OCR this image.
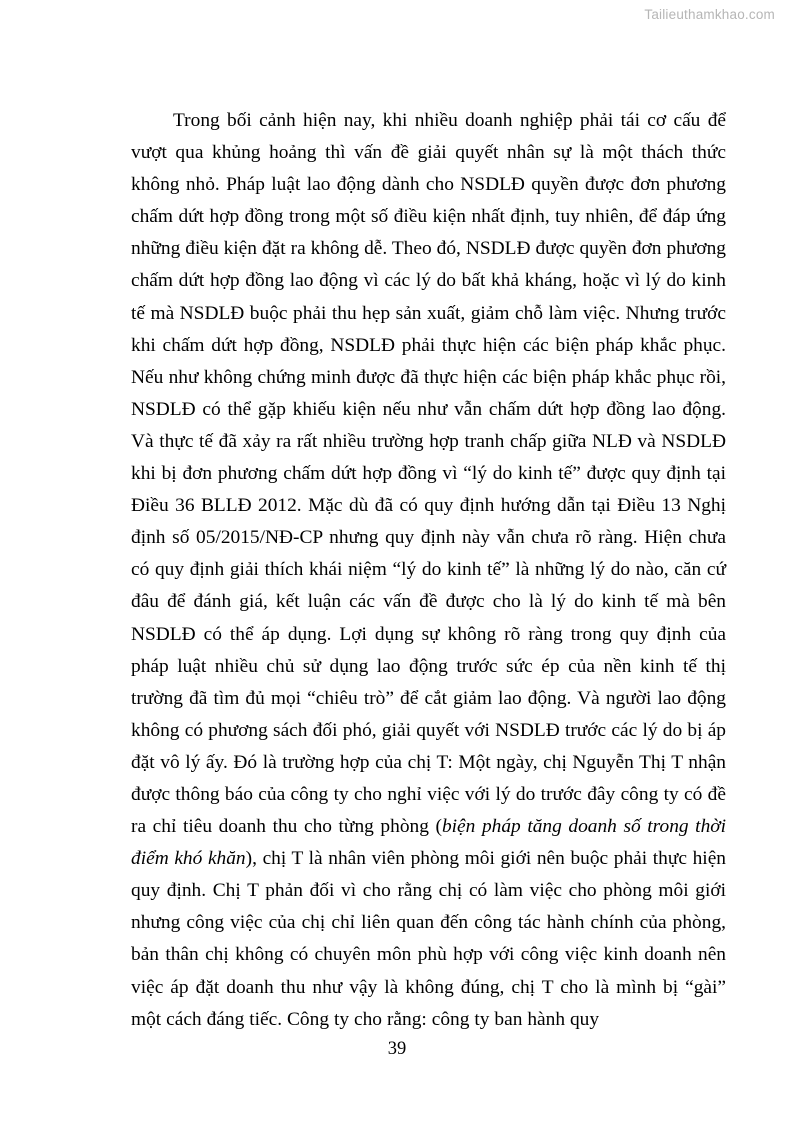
Tailieuthamkhao.com

Trong bối cảnh hiện nay, khi nhiều doanh nghiệp phải tái cơ cấu để vượt qua khủng hoảng thì vấn đề giải quyết nhân sự là một thách thức không nhỏ. Pháp luật lao động dành cho NSDLĐ quyền được đơn phương chấm dứt hợp đồng trong một số điều kiện nhất định, tuy nhiên, để đáp ứng những điều kiện đặt ra không dễ. Theo đó, NSDLĐ được quyền đơn phương chấm dứt hợp đồng lao động vì các lý do bất khả kháng, hoặc vì lý do kinh tế mà NSDLĐ buộc phải thu hẹp sản xuất, giảm chỗ làm việc. Nhưng trước khi chấm dứt hợp đồng, NSDLĐ phải thực hiện các biện pháp khắc phục. Nếu như không chứng minh được đã thực hiện các biện pháp khắc phục rồi, NSDLĐ có thể gặp khiếu kiện nếu như vẫn chấm dứt hợp đồng lao động. Và thực tế đã xảy ra rất nhiều trường hợp tranh chấp giữa NLĐ và NSDLĐ khi bị đơn phương chấm dứt hợp đồng vì “lý do kinh tế” được quy định tại Điều 36 BLLĐ 2012. Mặc dù đã có quy định hướng dẫn tại Điều 13 Nghị định số 05/2015/NĐ-CP nhưng quy định này vẫn chưa rõ ràng. Hiện chưa có quy định giải thích khái niệm “lý do kinh tế” là những lý do nào, căn cứ đâu để đánh giá, kết luận các vấn đề được cho là lý do kinh tế mà bên NSDLĐ có thể áp dụng. Lợi dụng sự không rõ ràng trong quy định của pháp luật nhiều chủ sử dụng lao động trước sức ép của nền kinh tế thị trường đã tìm đủ mọi “chiêu trò” để cắt giảm lao động. Và người lao động không có phương sách đối phó, giải quyết với NSDLĐ trước các lý do bị áp đặt vô lý ấy. Đó là trường hợp của chị T: Một ngày, chị Nguyễn Thị T nhận được thông báo của công ty cho nghỉ việc với lý do trước đây công ty có đề ra chỉ tiêu doanh thu cho từng phòng (biện pháp tăng doanh số trong thời điểm khó khăn), chị T là nhân viên phòng môi giới nên buộc phải thực hiện quy định. Chị T phản đối vì cho rằng chị có làm việc cho phòng môi giới nhưng công việc của chị chỉ liên quan đến công tác hành chính của phòng, bản thân chị không có chuyên môn phù hợp với công việc kinh doanh nên việc áp đặt doanh thu như vậy là không đúng, chị T cho là mình bị “gài” một cách đáng tiếc. Công ty cho rằng: công ty ban hành quy

39
